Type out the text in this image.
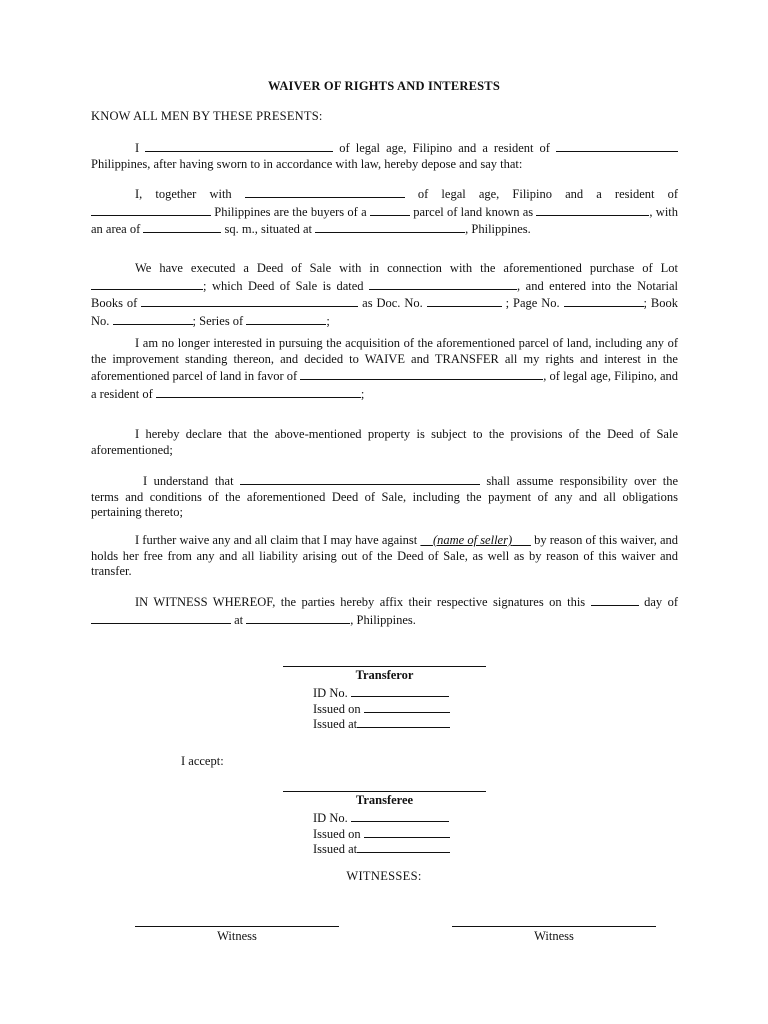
WAIVER OF RIGHTS AND INTERESTS
KNOW ALL MEN BY THESE PRESENTS:

I	of legal age, Filipino and a resident of  Philippines, after having sworn to in accordance with law, hereby depose and say that:

I, together with	of legal age, Filipino and a resident of  Philippines are the buyers of a	parcel of land known as	, with an area of	sq. m., situated at	, Philippines.

We have executed a Deed of Sale with in connection with the aforementioned purchase of Lot ; which Deed of Sale is dated	, and entered into the Notarial Books of	as Doc. No.	; Page No.	; Book No.	; Series of	;

I am no longer interested in pursuing the acquisition of the aforementioned parcel of land, including any of the improvement standing thereon, and decided to WAIVE and TRANSFER all my rights and interest in the aforementioned parcel of land in favor of	, of legal age, Filipino, and a resident of	;

I hereby declare that the above-mentioned property is subject to the provisions of the Deed of Sale aforementioned;

I understand that	shall assume responsibility over the terms and conditions of the aforementioned Deed of Sale, including the payment of any and all obligations pertaining thereto;

I further waive any and all claim that I may have against (name of seller) by reason of this waiver, and holds her free from any and all liability arising out of the Deed of Sale, as well as by reason of this waiver and transfer.

IN WITNESS WHEREOF, the parties hereby affix their respective signatures on this	day of  at	, Philippines.

Transferor
ID No.
Issued on
Issued at
I accept:
Transferee
ID No.
Issued on
Issued at
WITNESSES:
Witness	Witness
